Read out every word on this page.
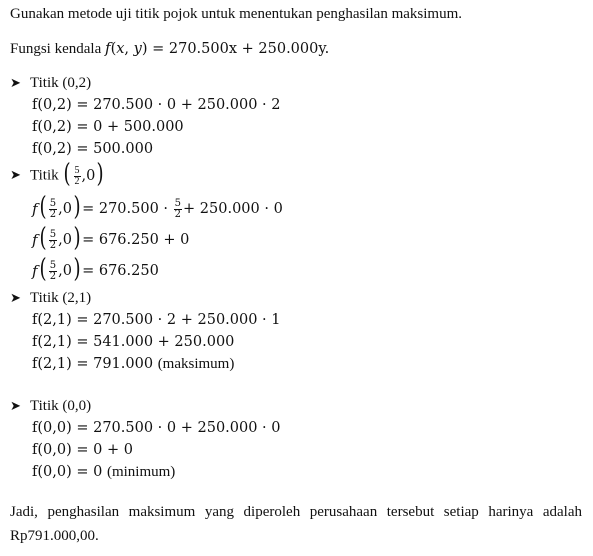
Gunakan metode uji titik pojok untuk menentukan penghasilan maksimum.
Fungsi kendala f(x, y) = 270.500x + 250.000y.
➤ Titik (0,2)
f(0,2) = 270.500 · 0 + 250.000 · 2
f(0,2) = 0 + 500.000
f(0,2) = 500.000
➤ Titik ( $\frac{5}{2} ,0$ )
f ( $\frac{5}{2} ,0$ ) = $270.500 \cdot \frac{5}{2} + 250.000 \cdot 0$
f ( $\frac{5}{2} ,0$ ) = 676.250 + 0
f ( $\frac{5}{2} ,0$ ) = 676.250
➤ Titik (2,1)
f(2,1) = 270.500 · 2 + 250.000 · 1
f(2,1) = 541.000 + 250.000
f(2,1) = 791.000 (maksimum)
➤ Titik (0,0)
f(0,0) = 270.500 · 0 + 250.000 · 0
f(0,0) = 0 + 0
f(0,0) = 0 (minimum)
Jadi, penghasilan maksimum yang diperoleh perusahaan tersebut setiap harinya adalah Rp791.000,00.
